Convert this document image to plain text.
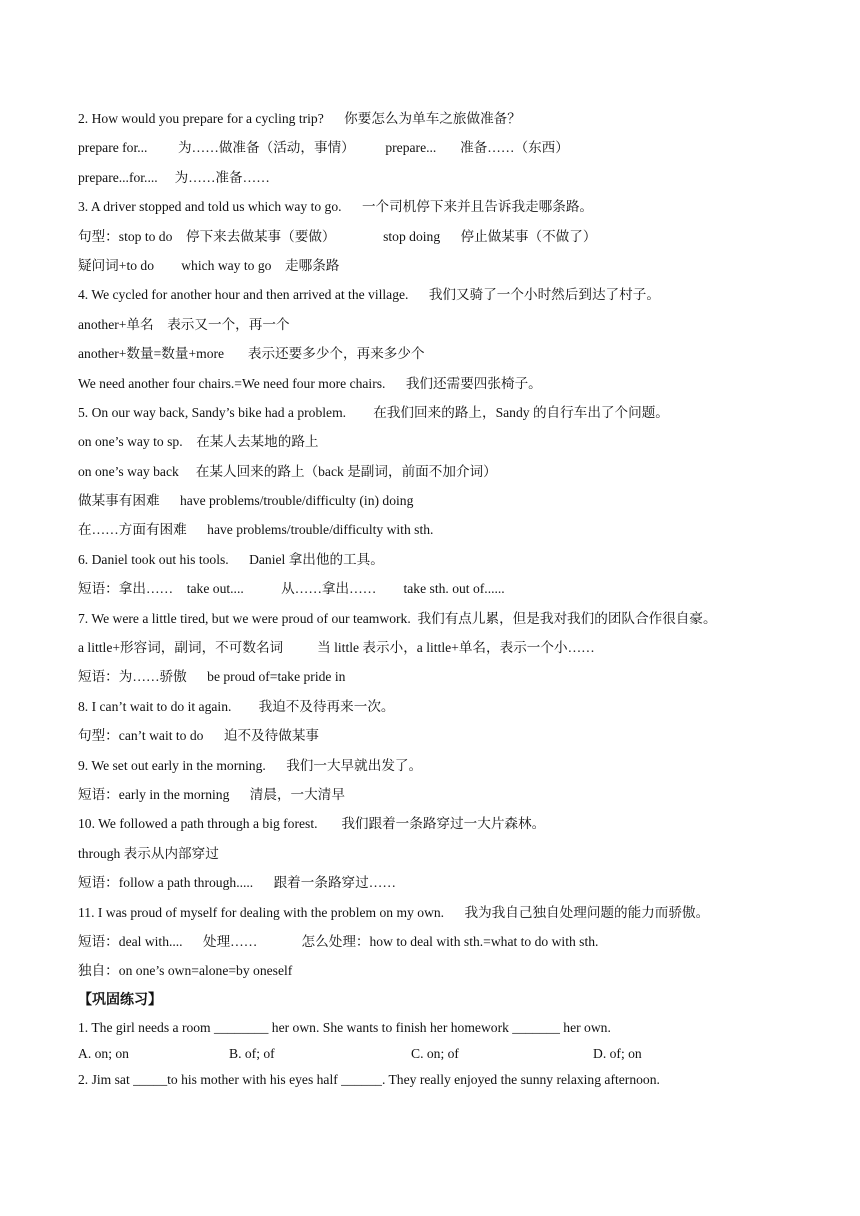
2. How would you prepare for a cycling trip? 你要怎么为单车之旅做准备？
prepare for... 为……做准备（活动，事情） prepare... 准备……（东西）
prepare...for.... 为……准备……
3. A driver stopped and told us which way to go. 一个司机停下来并且告诉我走哪条路。
句型：stop to do 停下来去做某事（要做）	stop doing 停止做某事（不做了）
疑问词+to do which way to go 走哪条路
4. We cycled for another hour and then arrived at the village. 我们又骑了一个小时然后到达了村子。
another+单名 表示又一个，再一个
another+数量=数量+more 表示还要多少个，再来多少个
We need another four chairs.=We need four more chairs. 我们还需要四张椅子。
5. On our way back, Sandy’s bike had a problem. 在我们回来的路上，Sandy 的自行车出了个问题。
on one’s way to sp. 在某人去某地的路上
on one’s way back 在某人回来的路上（back 是副词，前面不加介词）
做某事有困难 have problems/trouble/difficulty (in) doing
在……方面有困难 have problems/trouble/difficulty with sth.
6. Daniel took out his tools. Daniel 拿出他的工具。
短语：拿出…… take out....	从……拿出…… take sth. out of......
7. We were a little tired, but we were proud of our teamwork. 我们有点儿累，但是我对我们的团队合作很自豪。
a little+形容词，副词，不可数名词 当 little 表示小，a little+单名，表示一个小……
短语：为……骄傲 be proud of=take pride in
8. I can’t wait to do it again. 我迫不及待再来一次。
句型：can’t wait to do 迫不及待做某事
9. We set out early in the morning. 我们一大早就出发了。
短语：early in the morning 清晨，一大清早
10. We followed a path through a big forest. 我们跟着一条路穿过一大片森林。
through 表示从内部穿过
短语：follow a path through..... 跟着一条路穿过……
11. I was proud of myself for dealing with the problem on my own. 我为我自己独自处理问题的能力而骄傲。
短语：deal with.... 处理……	怎么处理：how to deal with sth.=what to do with sth.
独自：on one’s own=alone=by oneself
【巩固练习】
1. The girl needs a room ________ her own. She wants to finish her homework _______ her own.
A. on; on	B. of; of	C. on; of	D. of; on
2. Jim sat _____to his mother with his eyes half ______. They really enjoyed the sunny relaxing afternoon.
